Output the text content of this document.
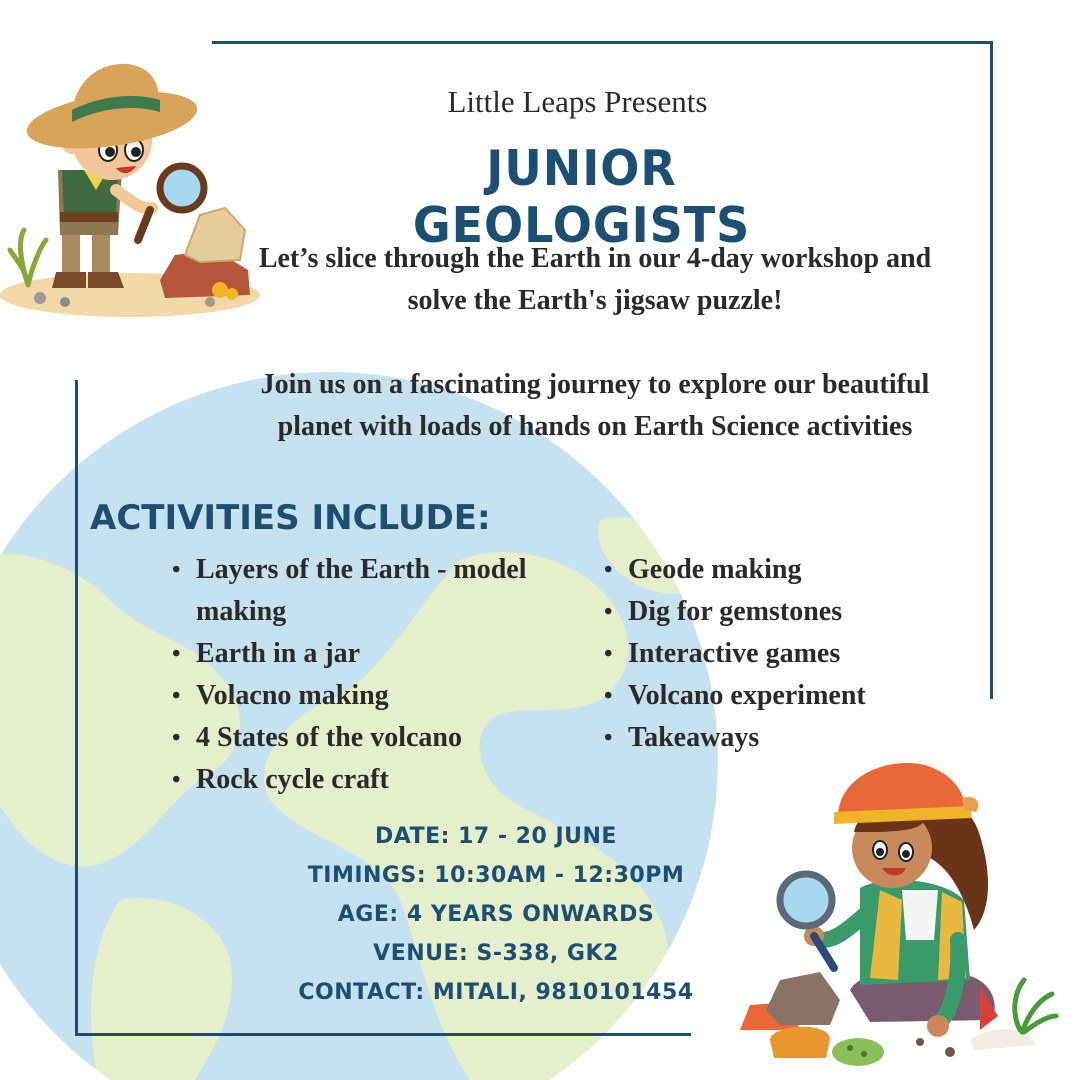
Little Leaps Presents
JUNIOR GEOLOGISTS
Let’s slice through the Earth in our 4-day workshop and solve the Earth's jigsaw puzzle!
Join us on a fascinating journey to explore our beautiful planet with loads of hands on Earth Science activities
ACTIVITIES INCLUDE:
• Layers of the Earth - model making
• Earth in a jar
• Volacno making
• 4 States of the volcano
• Rock cycle craft
• Geode making
• Dig for gemstones
• Interactive games
• Volcano experiment
• Takeaways
DATE: 17 - 20 JUNE
TIMINGS: 10:30AM - 12:30PM
AGE: 4 YEARS ONWARDS
VENUE: S-338, GK2
CONTACT: MITALI, 9810101454
